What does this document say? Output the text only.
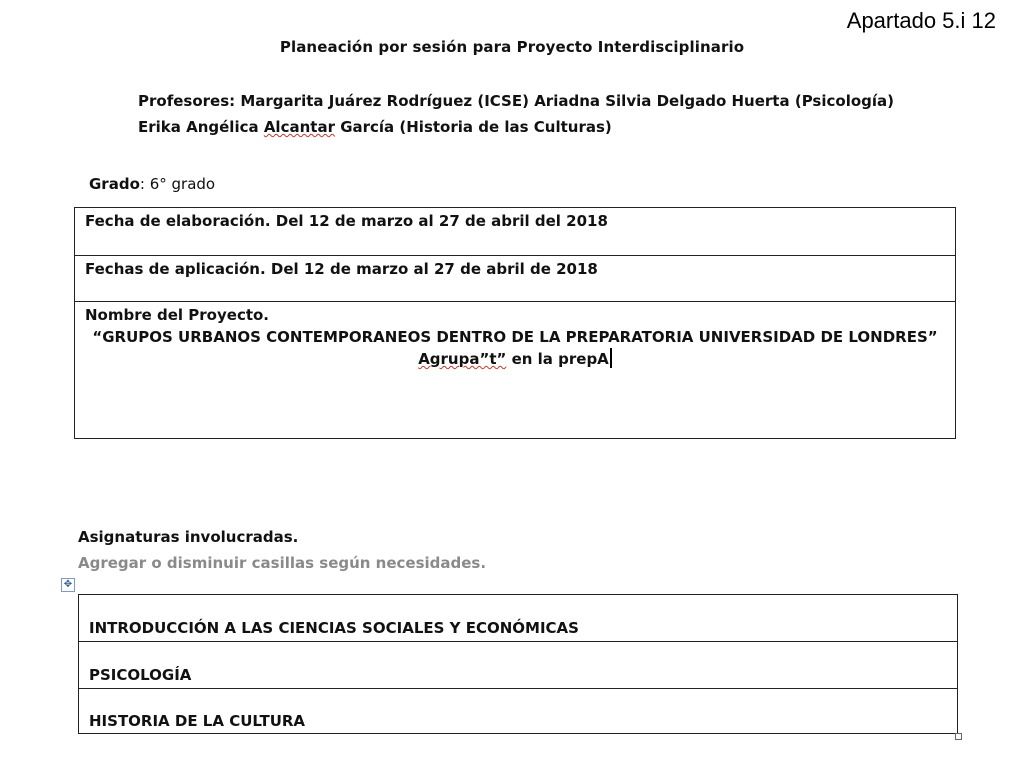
Apartado 5.i 12
Planeación por sesión para Proyecto Interdisciplinario
Profesores: Margarita Juárez Rodríguez (ICSE) Ariadna Silvia Delgado Huerta (Psicología) Erika Angélica Alcantar García (Historia de las Culturas)
Grado: 6° grado
Fecha de elaboración. Del 12 de marzo al 27 de abril del 2018
Fechas de aplicación. Del 12 de marzo al 27 de abril de 2018
Nombre del Proyecto.
“GRUPOS URBANOS CONTEMPORANEOS DENTRO DE LA PREPARATORIA UNIVERSIDAD DE LONDRES”
Agrupa”t” en la prepA
Asignaturas involucradas.
Agregar o disminuir casillas según necesidades.
✥
INTRODUCCIÓN A LAS CIENCIAS SOCIALES Y ECONÓMICAS
PSICOLOGÍA
HISTORIA DE LA CULTURA
